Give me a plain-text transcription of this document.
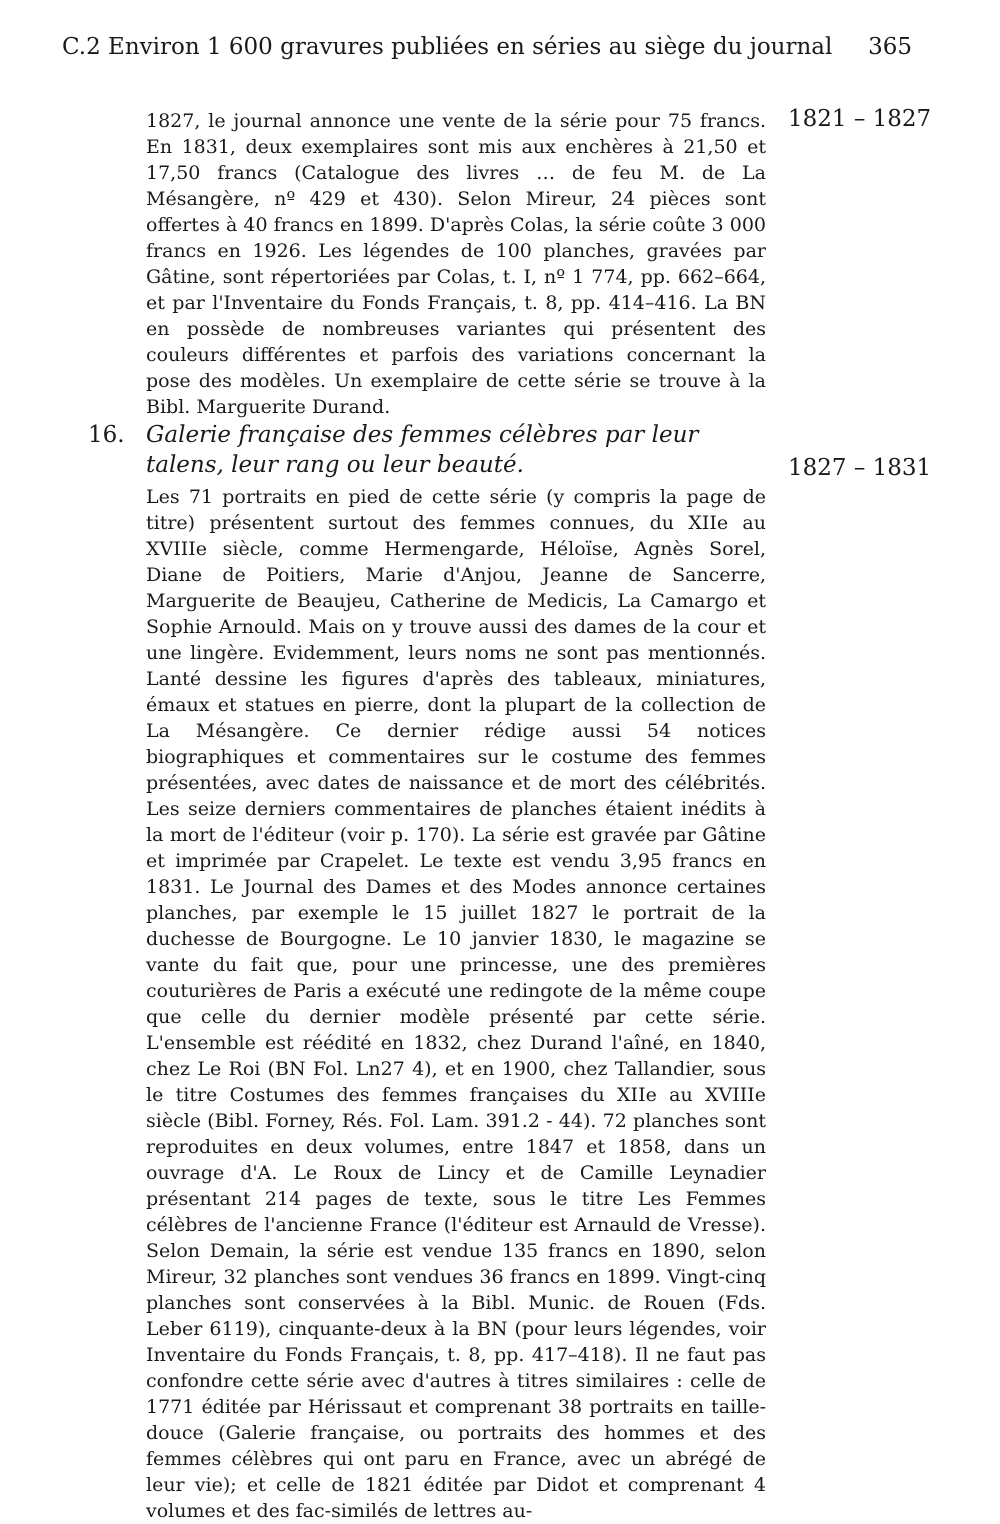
C.2 Environ 1 600 gravures publiées en séries au siège du journal 365
1821 – 1827

1827, le journal annonce une vente de la série pour 75 francs. En 1831, deux exemplaires sont mis aux enchères à 21,50 et 17,50 francs (Catalogue des livres … de feu M. de La Mésangère, nº 429 et 430). Selon Mireur, 24 pièces sont offertes à 40 francs en 1899. D'après Colas, la série coûte 3 000 francs en 1926. Les légendes de 100 planches, gravées par Gâtine, sont répertoriées par Colas, t. I, nº 1 774, pp. 662–664, et par l'Inventaire du Fonds Français, t. 8, pp. 414–416. La BN en possède de nombreuses variantes qui présentent des couleurs différentes et parfois des variations concernant la pose des modèles. Un exemplaire de cette série se trouve à la Bibl. Marguerite Durand.

16. Galerie française des femmes célèbres par leur talens, leur rang ou leur beauté.

Les 71 portraits en pied de cette série (y compris la page de titre) présentent surtout des femmes connues, du XIIe au XVIIIe siècle, comme Hermengarde, Héloïse, Agnès Sorel, Diane de Poitiers, Marie d'Anjou, Jeanne de Sancerre, Marguerite de Beaujeu, Catherine de Medicis, La Camargo et Sophie Arnould. Mais on y trouve aussi des dames de la cour et une lingère. Evidemment, leurs noms ne sont pas mentionnés. Lanté dessine les figures d'après des tableaux, miniatures, émaux et statues en pierre, dont la plupart de la collection de La Mésangère. Ce dernier rédige aussi 54 notices biographiques et commentaires sur le costume des femmes présentées, avec dates de naissance et de mort des célébrités. Les seize derniers commentaires de planches étaient inédits à la mort de l'éditeur (voir p. 170). La série est gravée par Gâtine et imprimée par Crapelet. Le texte est vendu 3,95 francs en 1831. Le Journal des Dames et des Modes annonce certaines planches, par exemple le 15 juillet 1827 le portrait de la duchesse de Bourgogne. Le 10 janvier 1830, le magazine se vante du fait que, pour une princesse, une des premières couturières de Paris a exécuté une redingote de la même coupe que celle du dernier modèle présenté par cette série. L'ensemble est réédité en 1832, chez Durand l'aîné, en 1840, chez Le Roi (BN Fol. Ln27 4), et en 1900, chez Tallandier, sous le titre Costumes des femmes françaises du XIIe au XVIIIe siècle (Bibl. Forney, Rés. Fol. Lam. 391.2 - 44). 72 planches sont reproduites en deux volumes, entre 1847 et 1858, dans un ouvrage d'A. Le Roux de Lincy et de Camille Leynadier présentant 214 pages de texte, sous le titre Les Femmes célèbres de l'ancienne France (l'éditeur est Arnauld de Vresse). Selon Demain, la série est vendue 135 francs en 1890, selon Mireur, 32 planches sont vendues 36 francs en 1899. Vingt-cinq planches sont conservées à la Bibl. Munic. de Rouen (Fds. Leber 6119), cinquante-deux à la BN (pour leurs légendes, voir Inventaire du Fonds Français, t. 8, pp. 417–418). Il ne faut pas confondre cette série avec d'autres à titres similaires : celle de 1771 éditée par Hérissaut et comprenant 38 portraits en taille-douce (Galerie française, ou portraits des hommes et des femmes célèbres qui ont paru en France, avec un abrégé de leur vie); et celle de 1821 éditée par Didot et comprenant 4 volumes et des fac-similés de lettres au-

1827 – 1831
